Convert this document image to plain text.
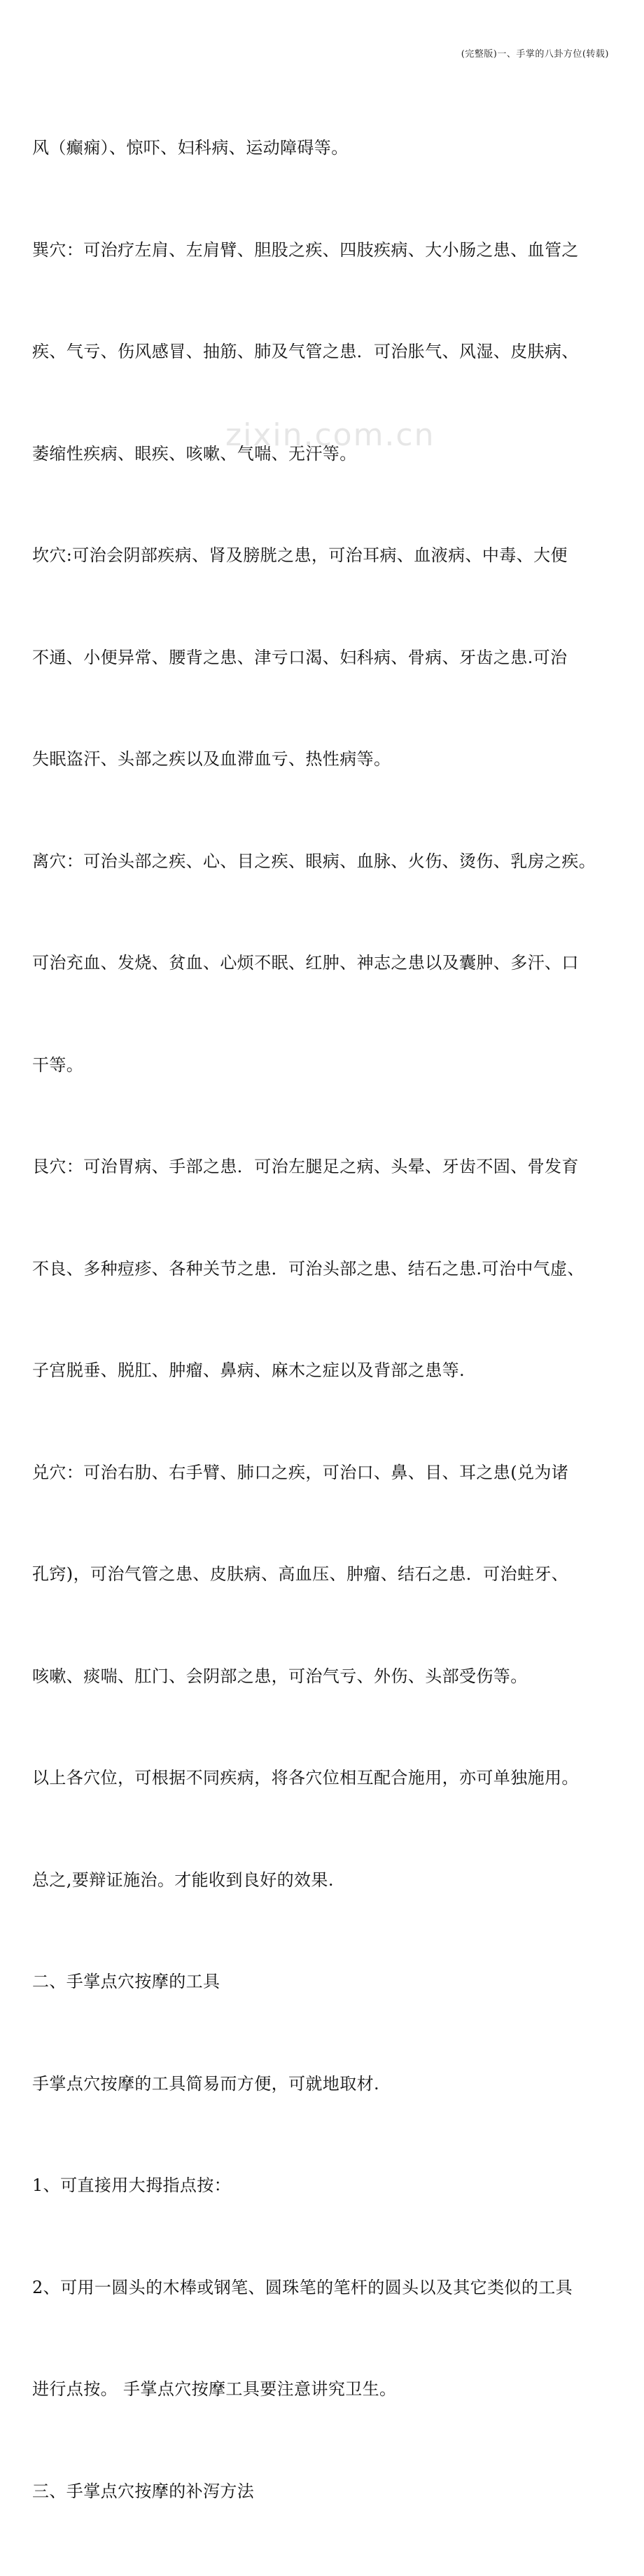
(完整版)一、手掌的八卦方位(转载)
zixin.com.cn

风（癫痫）、惊吓、妇科病、运动障碍等。

巽穴：可治疗左肩、左肩臂、胆股之疾、四肢疾病、大小肠之患、血管之

疾、气亏、伤风感冒、抽筋、肺及气管之患．可治胀气、风湿、皮肤病、

萎缩性疾病、眼疾、咳嗽、气喘、无汗等。

坎穴:可治会阴部疾病、肾及膀胱之患，可治耳病、血液病、中毒、大便

不通、小便异常、腰背之患、津亏口渴、妇科病、骨病、牙齿之患.可治

失眠盗汗、头部之疾以及血滞血亏、热性病等。

离穴：可治头部之疾、心、目之疾、眼病、血脉、火伤、烫伤、乳房之疾。

可治充血、发烧、贫血、心烦不眠、红肿、神志之患以及囊肿、多汗、口

干等。

艮穴：可治胃病、手部之患．可治左腿足之病、头晕、牙齿不固、骨发育

不良、多种痘疹、各种关节之患．可治头部之患、结石之患.可治中气虚、

子宫脱垂、脱肛、肿瘤、鼻病、麻木之症以及背部之患等.

兑穴：可治右肋、右手臂、肺口之疾，可治口、鼻、目、耳之患(兑为诸

孔窍)，可治气管之患、皮肤病、高血压、肿瘤、结石之患．可治蛀牙、

咳嗽、痰喘、肛门、会阴部之患，可治气亏、外伤、头部受伤等。

以上各穴位，可根据不同疾病，将各穴位相互配合施用，亦可单独施用。

总之,要辩证施治。才能收到良好的效果.

二、手掌点穴按摩的工具

手掌点穴按摩的工具简易而方便，可就地取材.

1、可直接用大拇指点按：

2、可用一圆头的木棒或钢笔、圆珠笔的笔杆的圆头以及其它类似的工具

进行点按。 手掌点穴按摩工具要注意讲究卫生。

三、手掌点穴按摩的补泻方法
